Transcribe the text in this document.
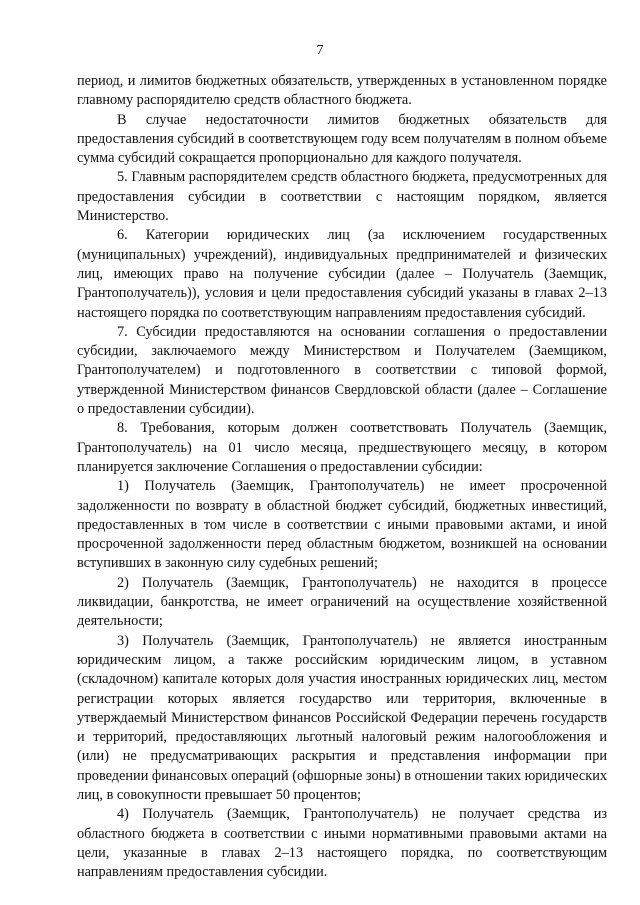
7

период, и лимитов бюджетных обязательств, утвержденных в установленном порядке главному распорядителю средств областного бюджета.

В случае недостаточности лимитов бюджетных обязательств для предоставления субсидий в соответствующем году всем получателям в полном объеме сумма субсидий сокращается пропорционально для каждого получателя.

5. Главным распорядителем средств областного бюджета, предусмотренных для предоставления субсидии в соответствии с настоящим порядком, является Министерство.

6. Категории юридических лиц (за исключением государственных (муниципальных) учреждений), индивидуальных предпринимателей и физических лиц, имеющих право на получение субсидии (далее – Получатель (Заемщик, Грантополучатель)), условия и цели предоставления субсидий указаны в главах 2–13 настоящего порядка по соответствующим направлениям предоставления субсидий.

7. Субсидии предоставляются на основании соглашения о предоставлении субсидии, заключаемого между Министерством и Получателем (Заемщиком, Грантополучателем) и подготовленного в соответствии с типовой формой, утвержденной Министерством финансов Свердловской области (далее – Соглашение о предоставлении субсидии).

8. Требования, которым должен соответствовать Получатель (Заемщик, Грантополучатель) на 01 число месяца, предшествующего месяцу, в котором планируется заключение Соглашения о предоставлении субсидии:

1) Получатель (Заемщик, Грантополучатель) не имеет просроченной задолженности по возврату в областной бюджет субсидий, бюджетных инвестиций, предоставленных в том числе в соответствии с иными правовыми актами, и иной просроченной задолженности перед областным бюджетом, возникшей на основании вступивших в законную силу судебных решений;

2) Получатель (Заемщик, Грантополучатель) не находится в процессе ликвидации, банкротства, не имеет ограничений на осуществление хозяйственной деятельности;

3) Получатель (Заемщик, Грантополучатель) не является иностранным юридическим лицом, а также российским юридическим лицом, в уставном (складочном) капитале которых доля участия иностранных юридических лиц, местом регистрации которых является государство или территория, включенные в утверждаемый Министерством финансов Российской Федерации перечень государств и территорий, предоставляющих льготный налоговый режим налогообложения и (или) не предусматривающих раскрытия и представления информации при проведении финансовых операций (офшорные зоны) в отношении таких юридических лиц, в совокупности превышает 50 процентов;

4) Получатель (Заемщик, Грантополучатель) не получает средства из областного бюджета в соответствии с иными нормативными правовыми актами на цели, указанные в главах 2–13 настоящего порядка, по соответствующим направлениям предоставления субсидии.
